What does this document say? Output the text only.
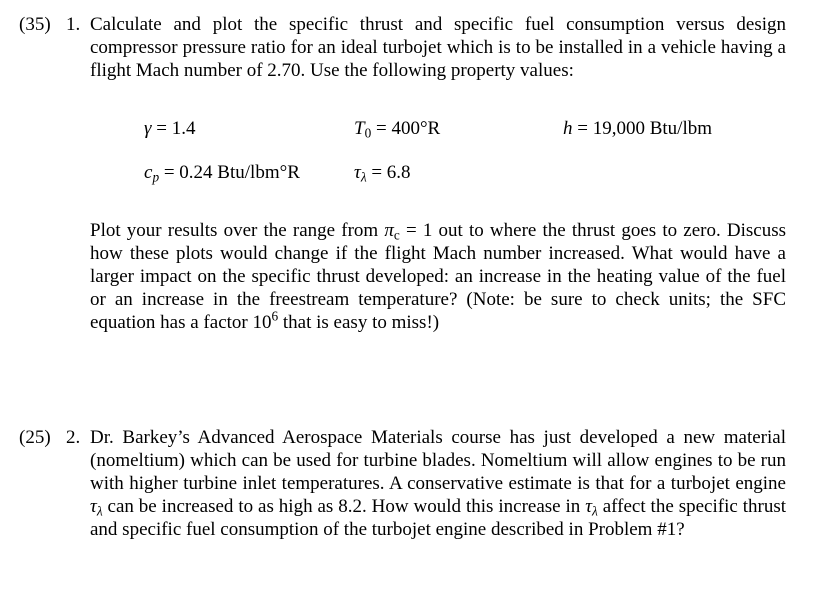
(35) 1. Calculate and plot the specific thrust and specific fuel consumption versus design compressor pressure ratio for an ideal turbojet which is to be installed in a vehicle having a flight Mach number of 2.70. Use the following property values:

γ = 1.4	$T_0 = 400^\circ R$	h = 19,000 Btu/lbm
$c_p = 0.24$ Btu/lbm°R	$\tau_\lambda = 6.8$

Plot your results over the range from $\pi_c = 1$ out to where the thrust goes to zero. Discuss how these plots would change if the flight Mach number increased. What would have a larger impact on the specific thrust developed: an increase in the heating value of the fuel or an increase in the freestream temperature? (Note: be sure to check units; the SFC equation has a factor $10^6$ that is easy to miss!)

(25) 2. Dr. Barkey’s Advanced Aerospace Materials course has just developed a new material (nomeltium) which can be used for turbine blades. Nomeltium will allow engines to be run with higher turbine inlet temperatures. A conservative estimate is that for a turbojet engine $\tau_\lambda$ can be increased to as high as 8.2. How would this increase in $\tau_\lambda$ affect the specific thrust and specific fuel consumption of the turbojet engine described in Problem #1?
